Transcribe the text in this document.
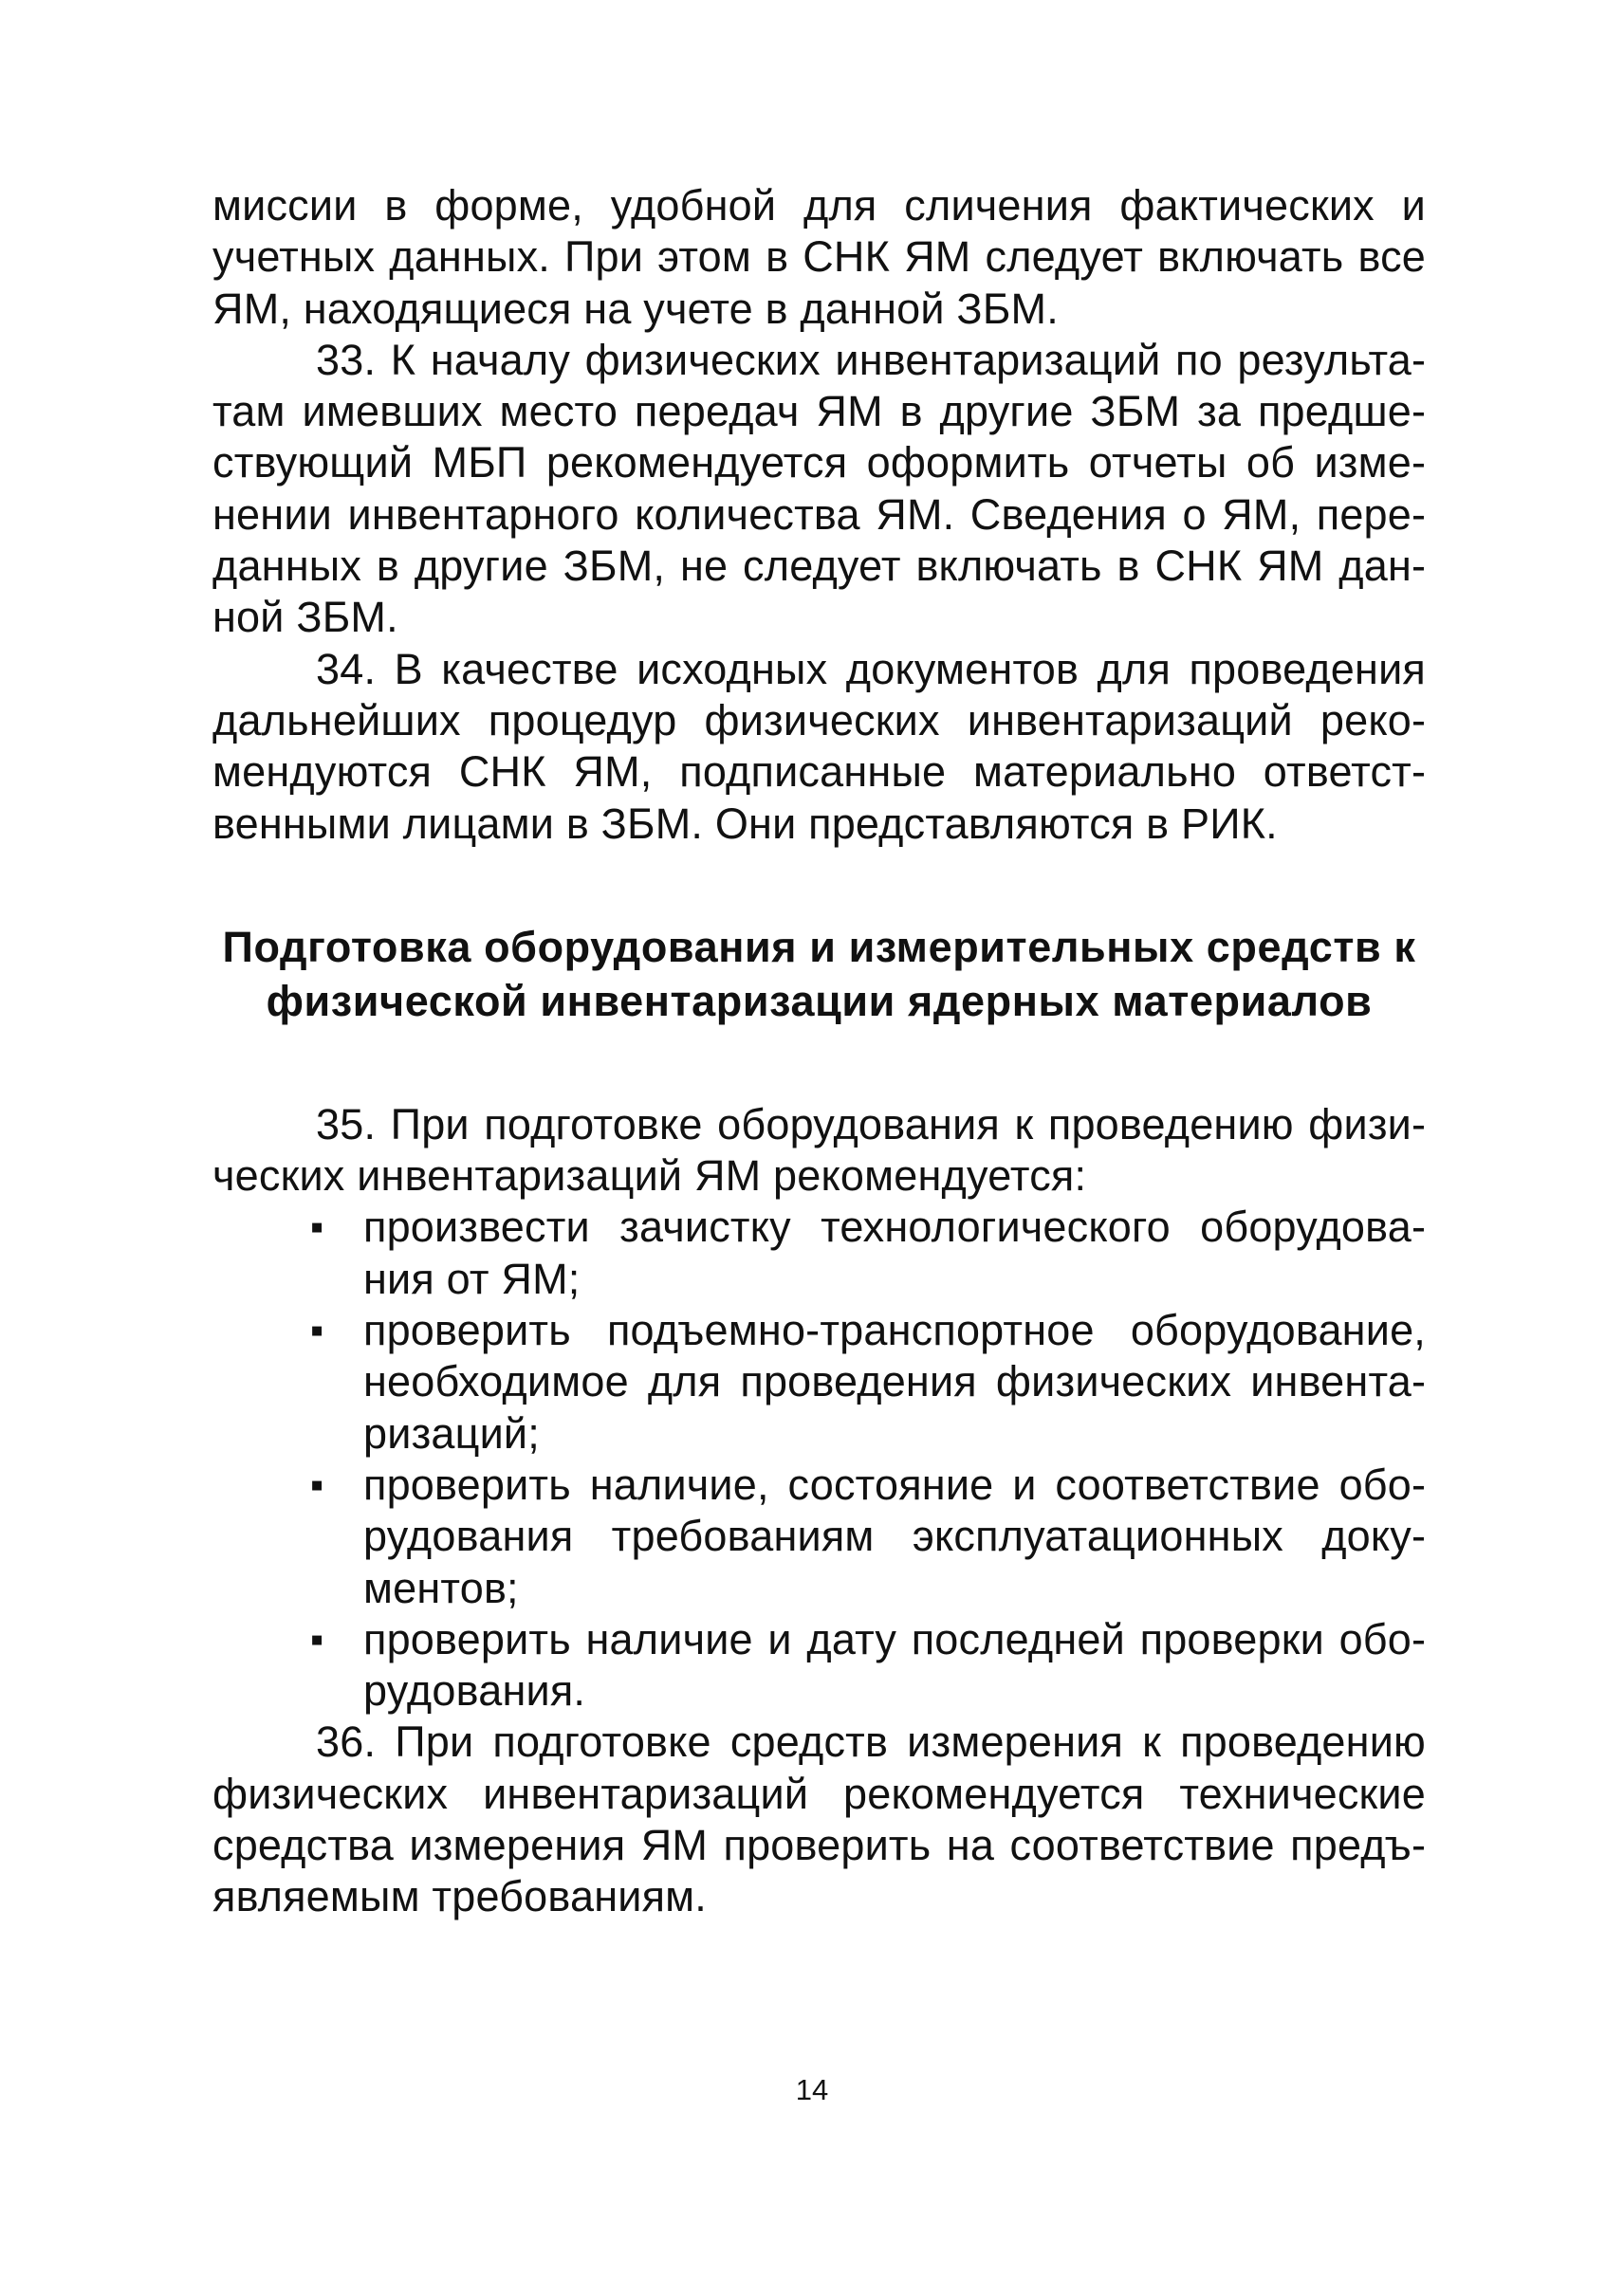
миссии в форме, удобной для сличения фактических и учетных данных. При этом в СНК ЯМ следует включать все ЯМ, находящиеся на учете в данной ЗБМ.

33. К началу физических инвентаризаций по результатам имевших место передач ЯМ в другие ЗБМ за предшествующий МБП рекомендуется оформить отчеты об изменении инвентарного количества ЯМ. Сведения о ЯМ, переданных в другие ЗБМ, не следует включать в СНК ЯМ данной ЗБМ.

34. В качестве исходных документов для проведения дальнейших процедур физических инвентаризаций рекомендуются СНК ЯМ, подписанные материально ответственными лицами в ЗБМ. Они представляются в РИК.

Подготовка оборудования и измерительных средств к
физической инвентаризации ядерных материалов

35. При подготовке оборудования к проведению физических инвентаризаций ЯМ рекомендуется:

▪ произвести зачистку технологического оборудования от ЯМ;
▪ проверить подъемно-транспортное оборудование, необходимое для проведения физических инвентаризаций;
▪ проверить наличие, состояние и соответствие оборудования требованиям эксплуатационных документов;
▪ проверить наличие и дату последней проверки оборудования.

36. При подготовке средств измерения к проведению физических инвентаризаций рекомендуется технические средства измерения ЯМ проверить на соответствие предъявляемым требованиям.

14
